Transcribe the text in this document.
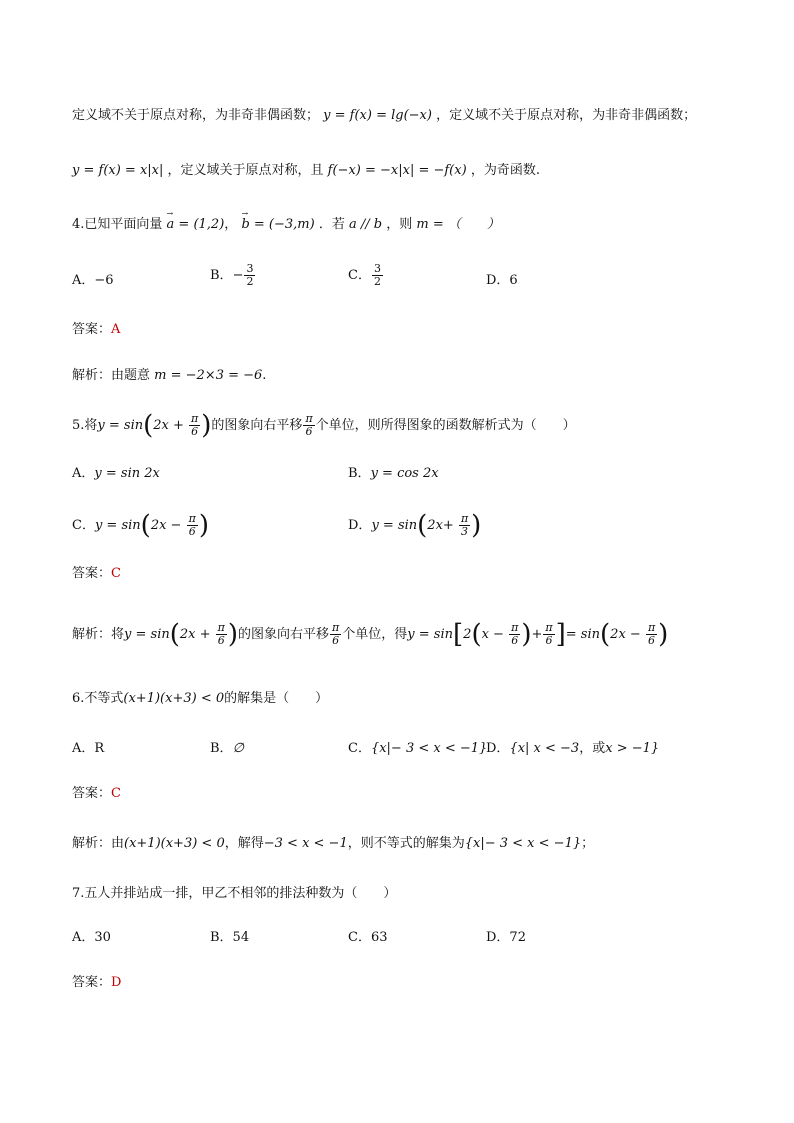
定义域不关于原点对称，为非奇非偶函数； y = f(x) = lg(−x) ，定义域不关于原点对称，为非奇非偶函数；
y = f(x) = x|x| ，定义域关于原点对称，且 f(−x) = −x|x| = −f(x) ，为奇函数.
4.已知平面向量 → a = (1,2)， → b = (−3,m) ．若 a // b ，则 m = （　　）
A．−6	B．− $\frac{3}{2}$	C． $\frac{3}{2}$	D．6
答案：A
解析：由题意 m = −2×3 = −6.
5.将$y = \sin(2x + \frac{\pi}{6}$ )的图象向右平移 $\frac{\pi}{6}$ 个单位，则所得图象的函数解析式为（　　）
A．y = sin 2x	B．y = cos 2x
C．$y = \sin(2x - \frac{\pi}{6}$ )	D．$y = \sin(2x+ \frac{\pi}{3}$ )
答案：C
解析：将$y = \sin(2x + \frac{\pi}{6}$ )的图象向右平移 $\frac{\pi}{6}$ 个单位，得$y = \sin[2(x - \frac{\pi}{6}$ )+ $\frac{\pi}{6}$ ]= $\sin(2x - \frac{\pi}{6}$ )
6.不等式(x+1)(x+3) < 0的解集是（　　）
A．R	B．∅	C．{x|− 3 < x < −1}
D．{x| x < −3，或x > −1}
答案：C
解析：由(x+1)(x+3) < 0，解得−3 < x < −1，则不等式的解集为{x|− 3 < x < −1}；
7.五人并排站成一排，甲乙不相邻的排法种数为（　　）
A．30	B．54	C．63	D．72
答案：D
